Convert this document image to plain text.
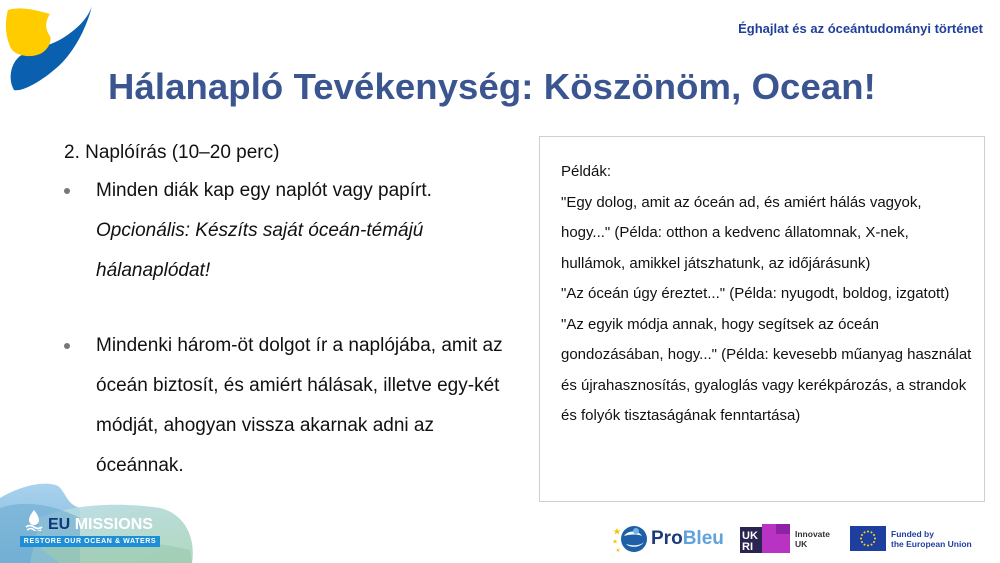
Éghajlat és az óceántudományi történet
Hálanapló Tevékenység: Köszönöm, Ocean!
2. Naplóírás (10–20 perc)
Minden diák kap egy naplót vagy papírt. Opcionális: Készíts saját óceán-témájú hálanaplódat!
Mindenki három-öt dolgot ír a naplójába, amit az óceán biztosít, és amiért hálásak, illetve egy-két módját, ahogyan vissza akarnak adni az óceánnak.

Példák:

"Egy dolog, amit az óceán ad, és amiért hálás vagyok, hogy..." (Példa: otthon a kedvenc állatomnak, X-nek, hullámok, amikkel játszhatunk, az időjárásunk)

"Az óceán úgy éreztet..." (Példa: nyugodt, boldog, izgatott)

"Az egyik módja annak, hogy segítsek az óceán gondozásában, hogy..." (Példa: kevesebb műanyag használat és újrahasznosítás, gyaloglás vagy kerékpározás, a strandok és folyók tisztaságának fenntartása)

EU MISSIONS
RESTORE OUR OCEAN & WATERS	ProBleu UK
RI
Innovate
UK
Funded by
the European Union
